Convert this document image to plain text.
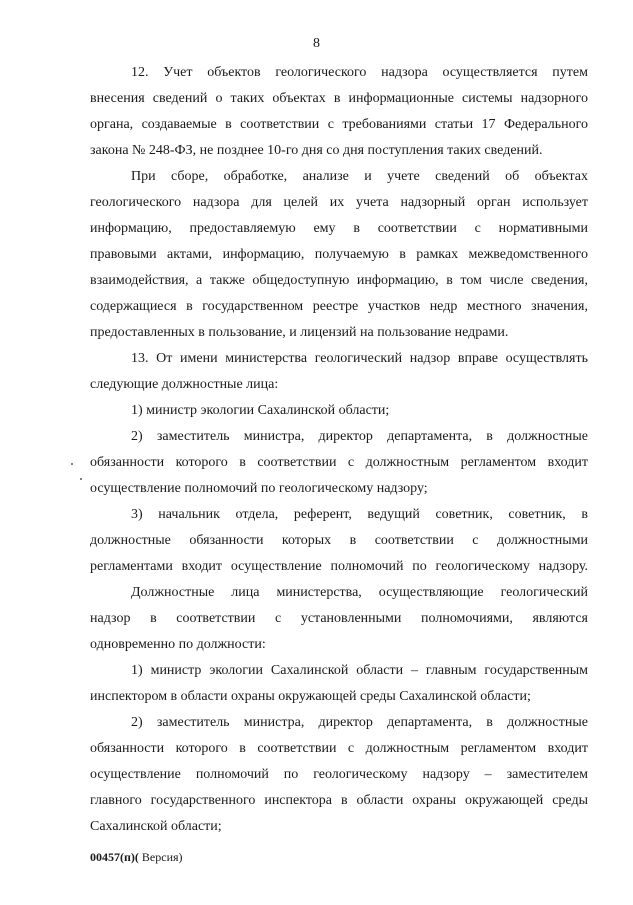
8
12. Учет объектов геологического надзора осуществляется путем
внесения сведений о таких объектах в информационные системы надзорного
органа, создаваемые в соответствии с требованиями статьи 17 Федерального
закона № 248-ФЗ, не позднее 10-го дня со дня поступления таких сведений.
При сборе, обработке, анализе и учете сведений об объектах
геологического надзора для целей их учета надзорный орган использует
информацию, предоставляемую ему в соответствии с нормативными
правовыми актами, информацию, получаемую в рамках межведомственного
взаимодействия, а также общедоступную информацию, в том числе сведения,
содержащиеся в государственном реестре участков недр местного значения,
предоставленных в пользование, и лицензий на пользование недрами.
13. От имени министерства геологический надзор вправе осуществлять
следующие должностные лица:
1) министр экологии Сахалинской области;
2) заместитель министра, директор департамента, в должностные
обязанности которого в соответствии с должностным регламентом входит
осуществление полномочий по геологическому надзору;
3) начальник отдела, референт, ведущий советник, советник, в
должностные обязанности которых в соответствии с должностными
регламентами входит осуществление полномочий по геологическому надзору.
Должностные лица министерства, осуществляющие геологический
надзор в соответствии с установленными полномочиями, являются
одновременно по должности:
1) министр экологии Сахалинской области – главным государственным
инспектором в области охраны окружающей среды Сахалинской области;
2) заместитель министра, директор департамента, в должностные
обязанности которого в соответствии с должностным регламентом входит
осуществление полномочий по геологическому надзору – заместителем
главного государственного инспектора в области охраны окружающей среды
Сахалинской области;
00457(п)( Версия)
